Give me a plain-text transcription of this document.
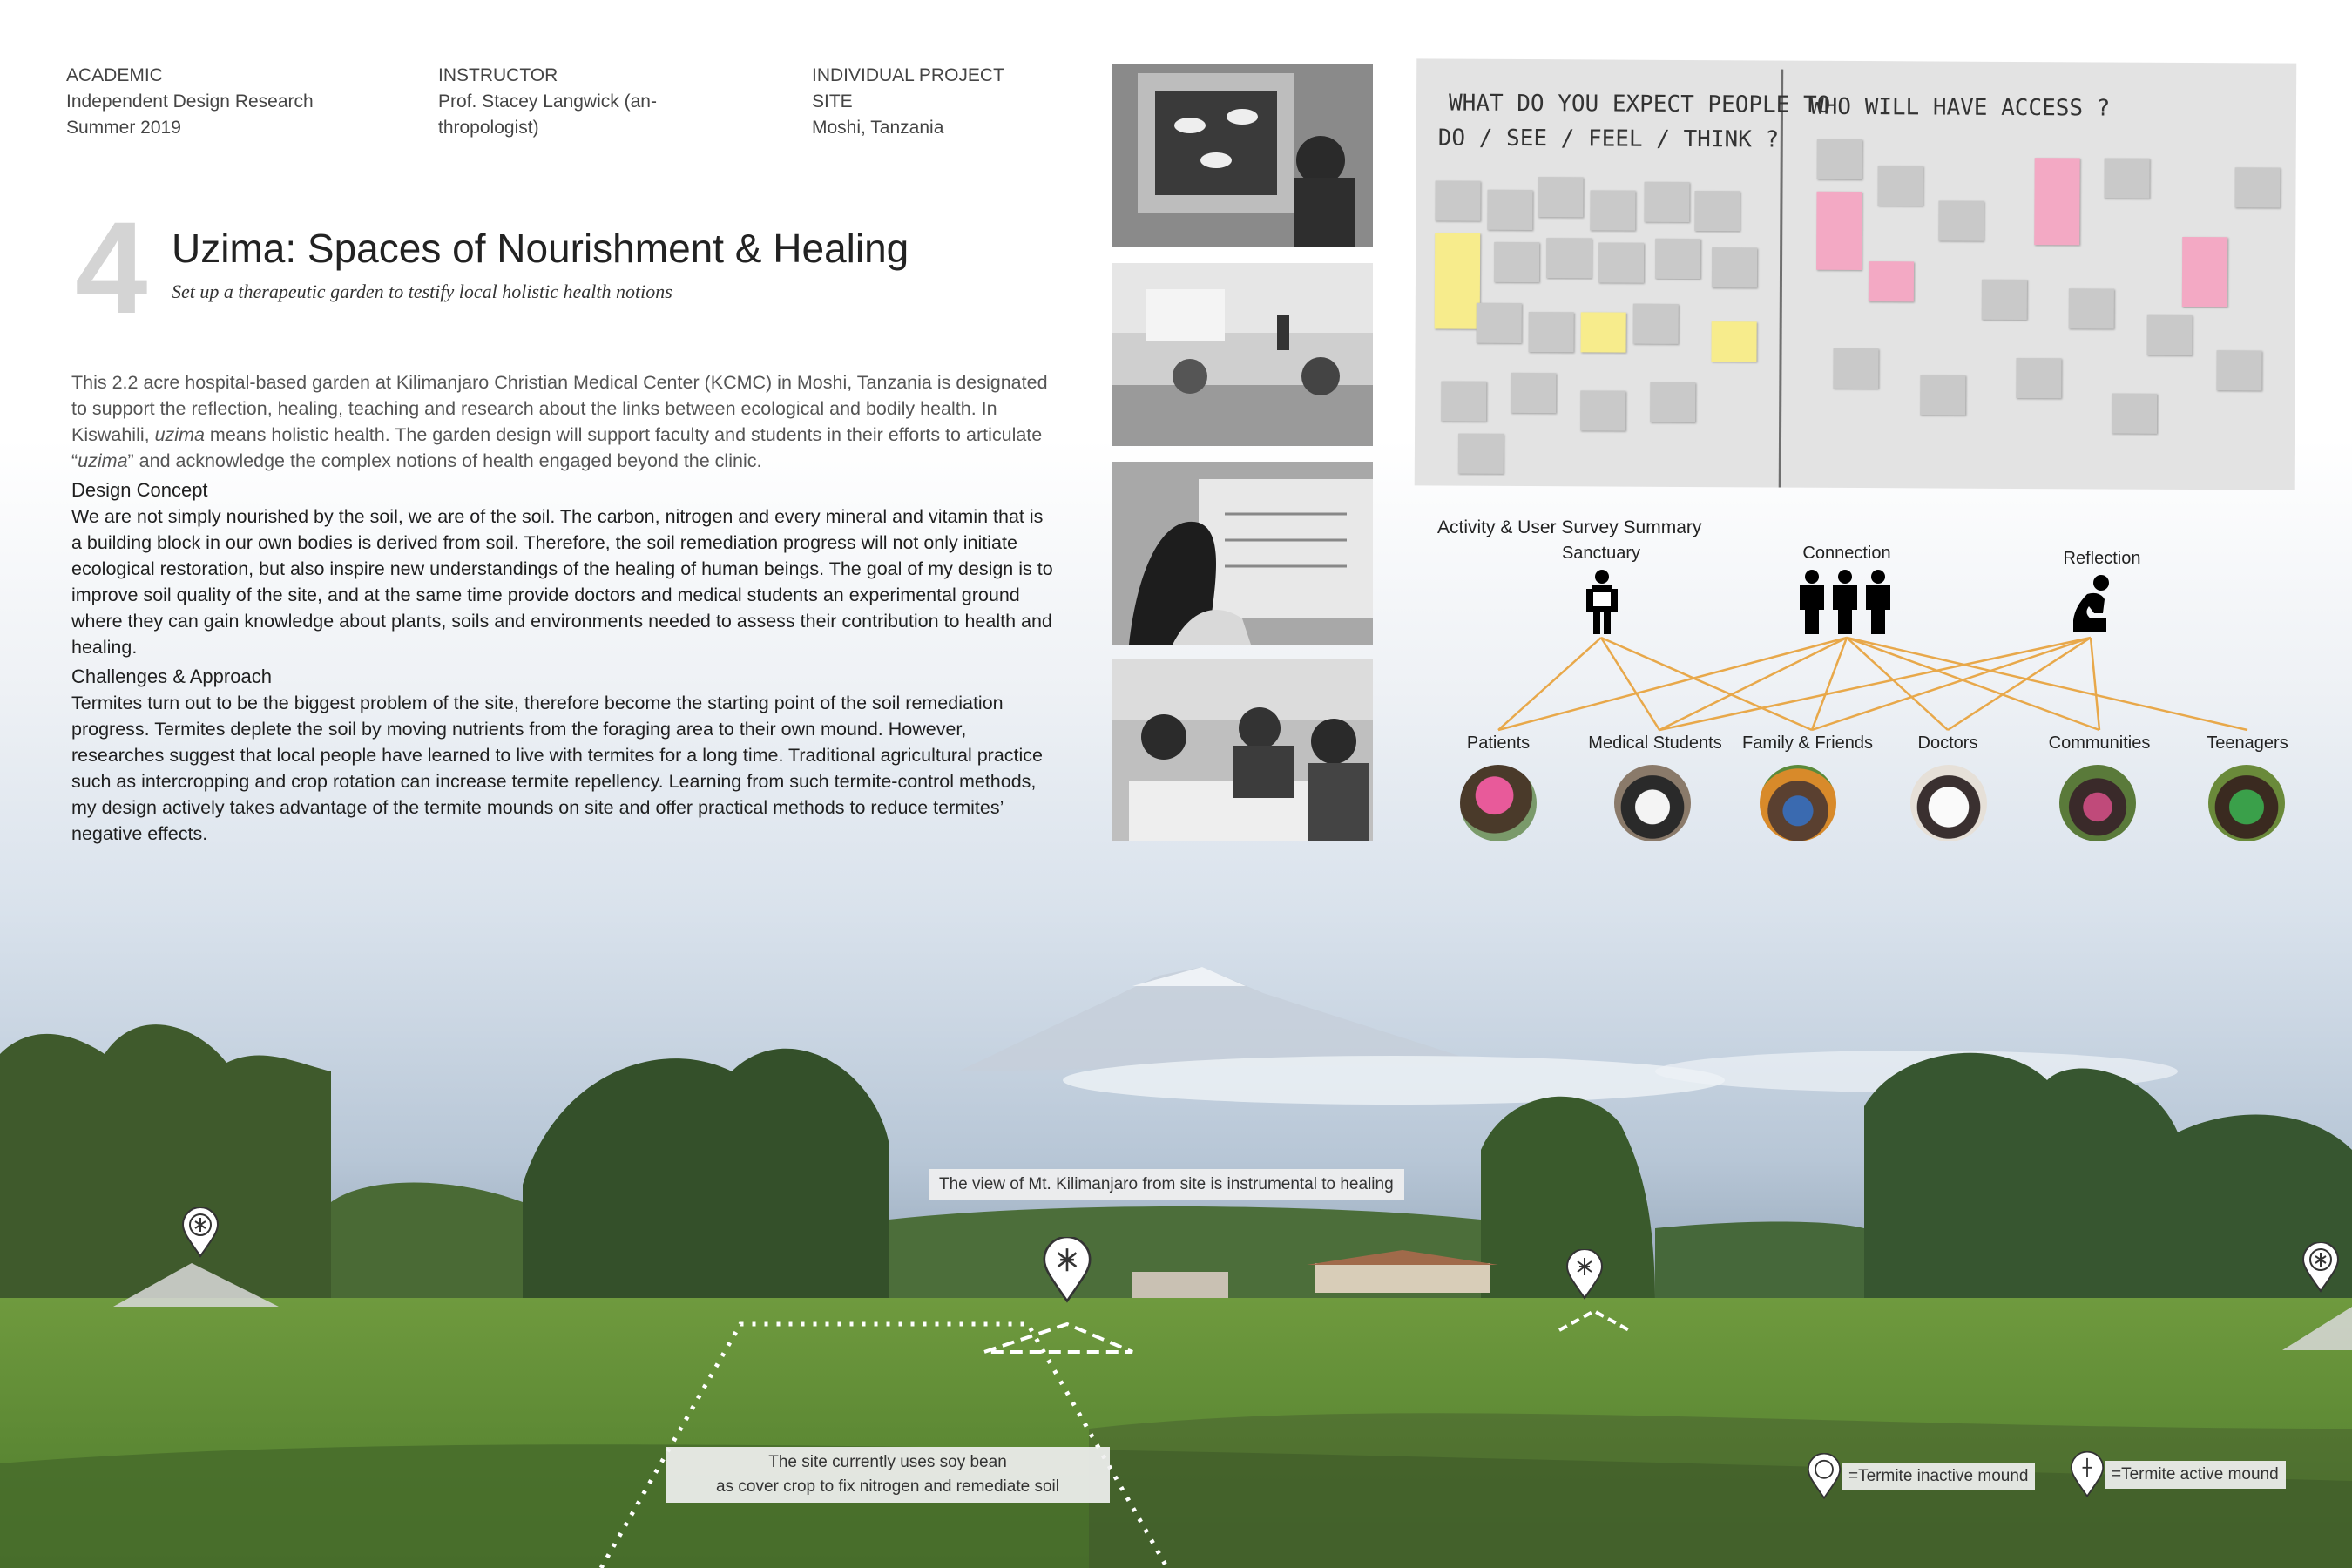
ACADEMIC
Independent Design Research
Summer 2019
INSTRUCTOR
Prof. Stacey Langwick (an-
thropologist)
INDIVIDUAL PROJECT
SITE
Moshi, Tanzania
4 Uzima: Spaces of Nourishment & Healing
Set up a therapeutic garden to testify local holistic health notions

This 2.2 acre hospital-based garden at Kilimanjaro Christian Medical Center (KCMC) in Moshi, Tanzania is designated to support the reflection, healing, teaching and research about the links between ecological and bodily health. In Kiswahili, uzima means holistic health. The garden design will support faculty and students in their efforts to articulate “uzima” and acknowledge the complex notions of health engaged beyond the clinic.

Design Concept

We are not simply nourished by the soil, we are of the soil. The carbon, nitrogen and every mineral and vitamin that is a building block in our own bodies is derived from soil. Therefore, the soil remediation progress will not only initiate ecological restoration, but also inspire new understandings of the healing of human beings. The goal of my design is to improve soil quality of the site, and at the same time provide doctors and medical students an experimental ground where they can gain knowledge about plants, soils and environments needed to assess their contribution to health and healing.

Challenges & Approach

Termites turn out to be the biggest problem of the site, therefore become the starting point of the soil remediation progress. Termites deplete the soil by moving nutrients from the foraging area to their own mound. However, researches suggest that local people have learned to live with termites for a long time. Traditional agricultural practice such as intercropping and crop rotation can increase termite repellency. Learning from such termite-control methods, my design actively takes advantage of the termite mounds on site and offer practical methods to reduce termites’ negative effects.

WHAT DO YOU EXPECT PEOPLE TO
DO / SEE / FEEL / THINK ?
WHO WILL HAVE ACCESS ?
Activity & User Survey Summary
Sanctuary	Connection	Reflection
Patients	Medical Students	Family & Friends	Doctors	Communities	Teenagers
The view of Mt. Kilimanjaro from site is instrumental to healing
The site currently uses soy bean
as cover crop to fix nitrogen and remediate soil
=Termite inactive mound	=Termite active mound
